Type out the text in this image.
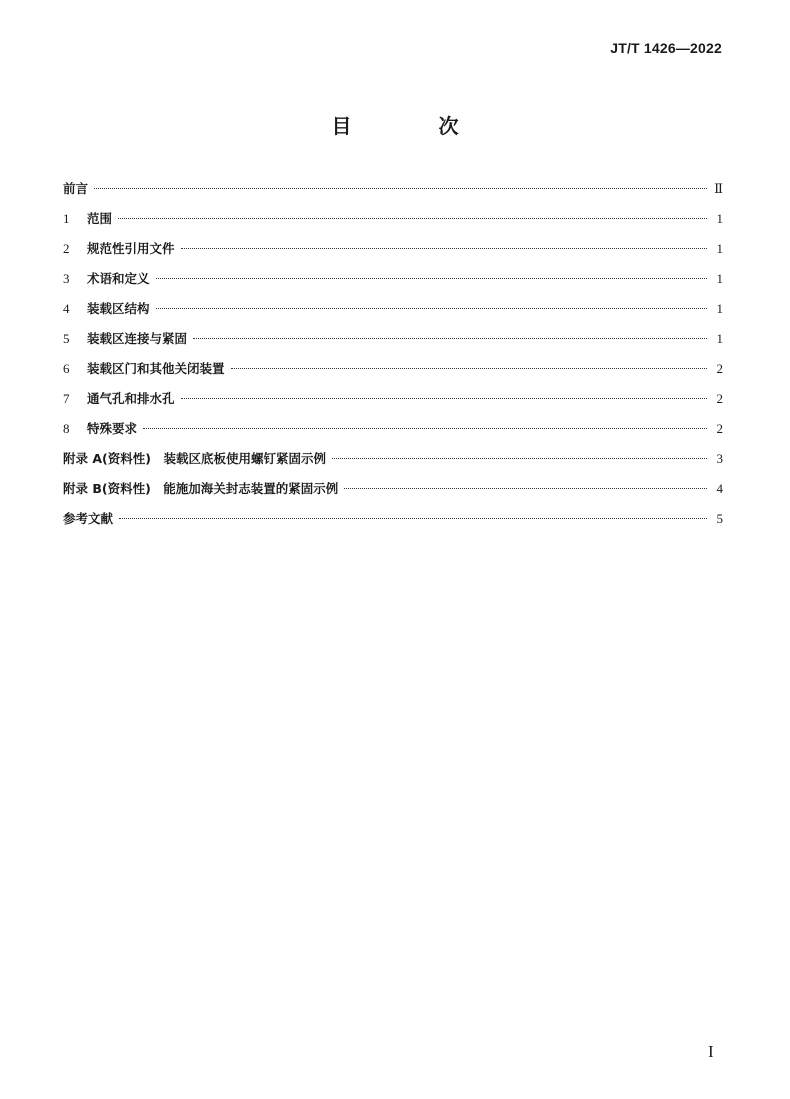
JT/T 1426—2022
目 次
前言	Ⅱ
1 范围	1
2 规范性引用文件	1
3 术语和定义	1
4 装载区结构	1
5 装载区连接与紧固	1
6 装载区门和其他关闭装置	2
7 通气孔和排水孔	2
8 特殊要求	2
附录 A(资料性)　装载区底板使用螺钉紧固示例	3
附录 B(资料性)　能施加海关封志装置的紧固示例	4
参考文献	5
I
